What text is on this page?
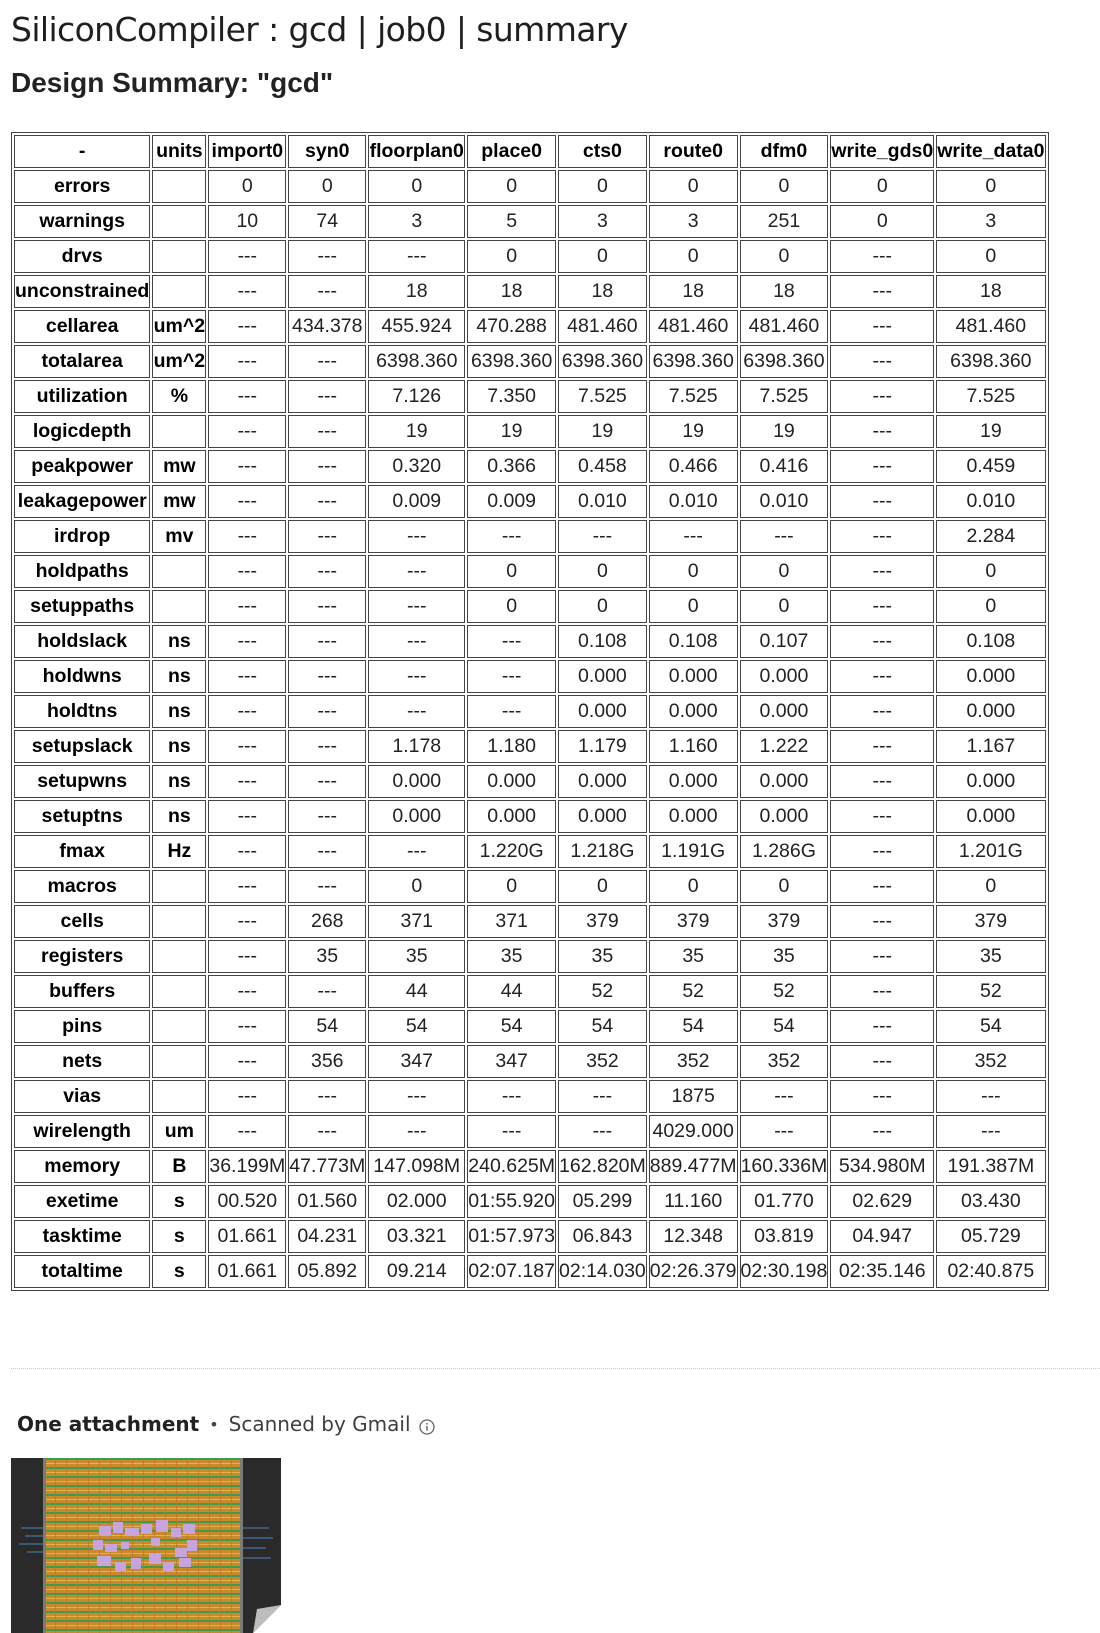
SiliconCompiler : gcd | job0 | summary
Design Summary: "gcd"
-	units	import0	syn0	floorplan0	place0	cts0	route0	dfm0	write_gds0	write_data0
errors		0	0	0	0	0	0	0	0	0
warnings		10	74	3	5	3	3	251	0	3
drvs		---	---	---	0	0	0	0	---	0
unconstrained		---	---	18	18	18	18	18	---	18
cellarea	um^2	---	434.378	455.924	470.288	481.460	481.460	481.460	---	481.460
totalarea	um^2	---	---	6398.360	6398.360	6398.360	6398.360	6398.360	---	6398.360
utilization	%	---	---	7.126	7.350	7.525	7.525	7.525	---	7.525
logicdepth		---	---	19	19	19	19	19	---	19
peakpower	mw	---	---	0.320	0.366	0.458	0.466	0.416	---	0.459
leakagepower	mw	---	---	0.009	0.009	0.010	0.010	0.010	---	0.010
irdrop	mv	---	---	---	---	---	---	---	---	2.284
holdpaths		---	---	---	0	0	0	0	---	0
setuppaths		---	---	---	0	0	0	0	---	0
holdslack	ns	---	---	---	---	0.108	0.108	0.107	---	0.108
holdwns	ns	---	---	---	---	0.000	0.000	0.000	---	0.000
holdtns	ns	---	---	---	---	0.000	0.000	0.000	---	0.000
setupslack	ns	---	---	1.178	1.180	1.179	1.160	1.222	---	1.167
setupwns	ns	---	---	0.000	0.000	0.000	0.000	0.000	---	0.000
setuptns	ns	---	---	0.000	0.000	0.000	0.000	0.000	---	0.000
fmax	Hz	---	---	---	1.220G	1.218G	1.191G	1.286G	---	1.201G
macros		---	---	0	0	0	0	0	---	0
cells		---	268	371	371	379	379	379	---	379
registers		---	35	35	35	35	35	35	---	35
buffers		---	---	44	44	52	52	52	---	52
pins		---	54	54	54	54	54	54	---	54
nets		---	356	347	347	352	352	352	---	352
vias		---	---	---	---	---	1875	---	---	---
wirelength	um	---	---	---	---	---	4029.000	---	---	---
memory	B	36.199M	47.773M	147.098M	240.625M	162.820M	889.477M	160.336M	534.980M	191.387M
exetime	s	00.520	01.560	02.000	01:55.920	05.299	11.160	01.770	02.629	03.430
tasktime	s	01.661	04.231	03.321	01:57.973	06.843	12.348	03.819	04.947	05.729
totaltime	s	01.661	05.892	09.214	02:07.187	02:14.030	02:26.379	02:30.198	02:35.146	02:40.875
One attachment • Scanned by Gmail
